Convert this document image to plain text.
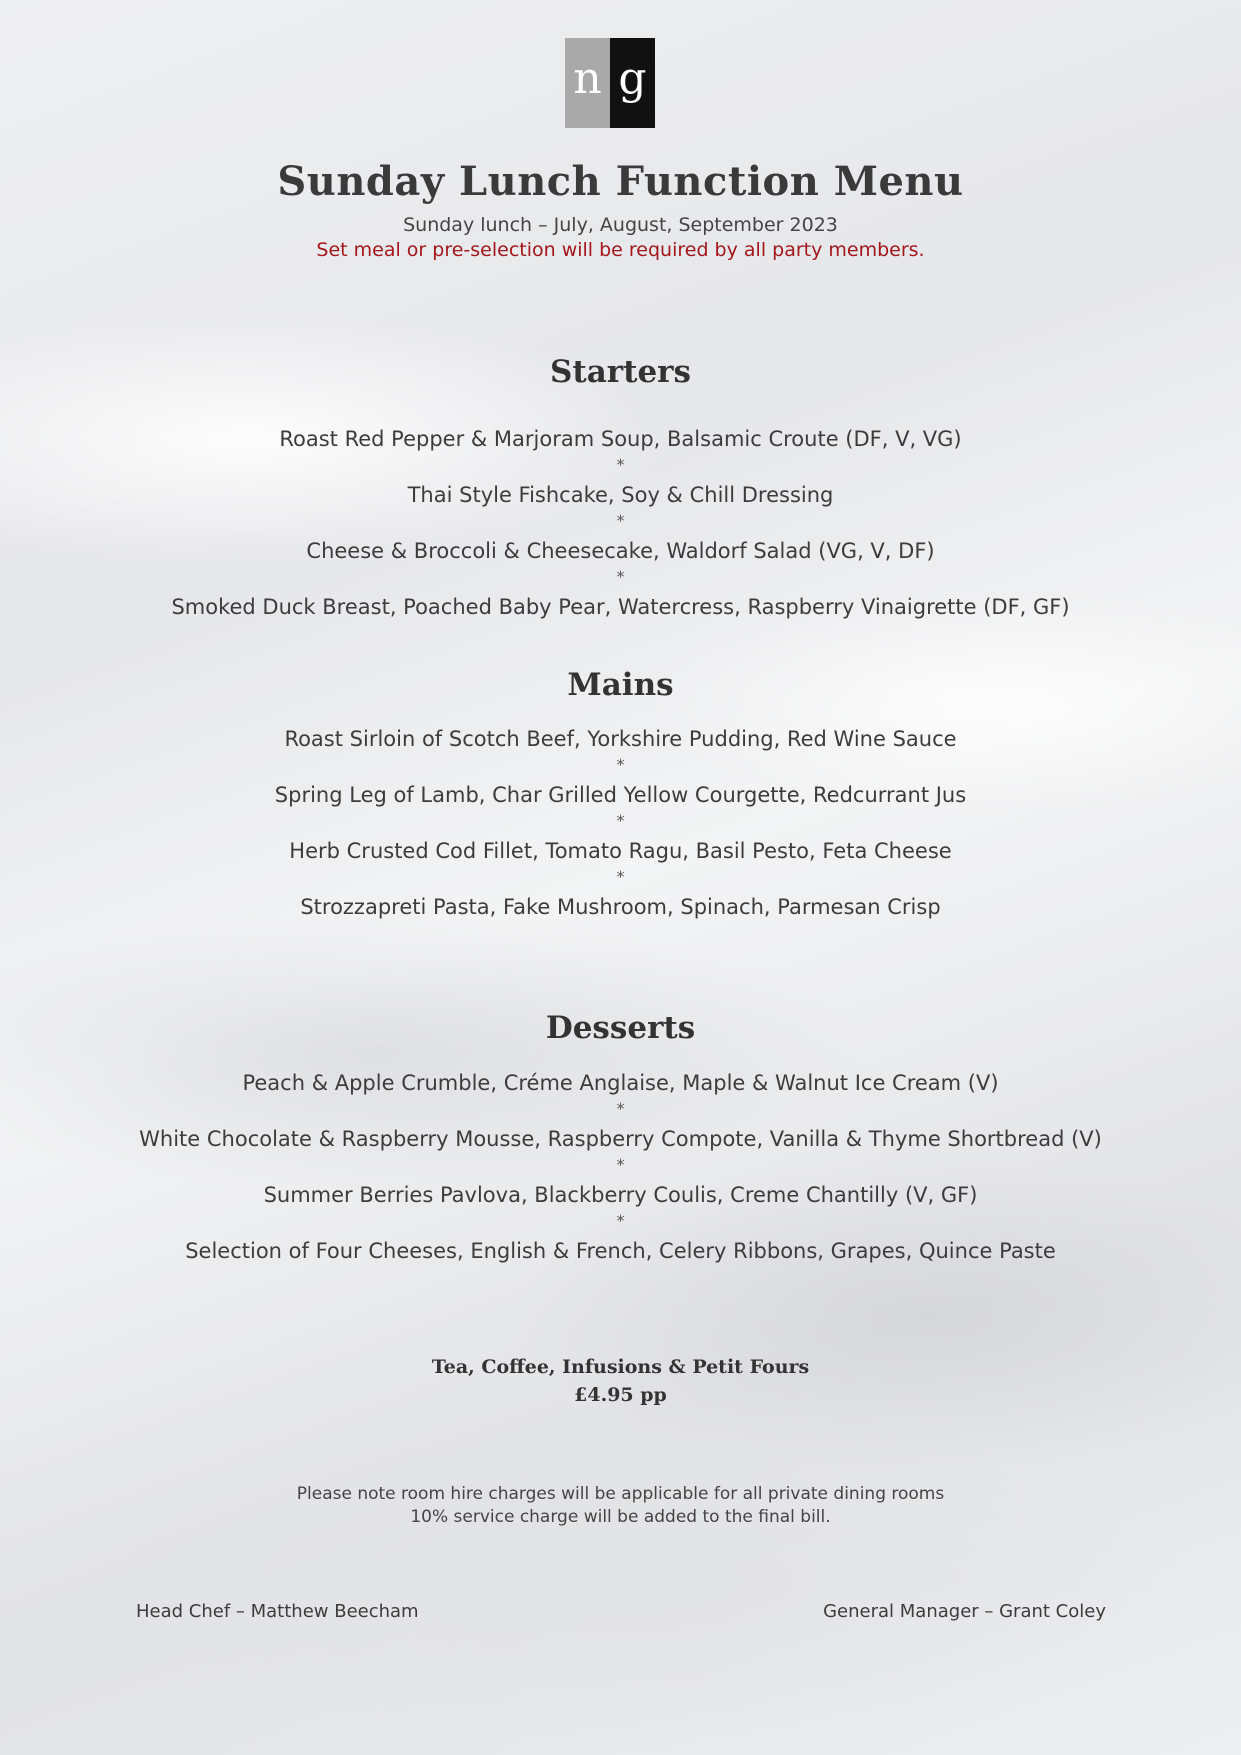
n g
Sunday Lunch Function Menu
Sunday lunch – July, August, September 2023
Set meal or pre-selection will be required by all party members.
Starters
Roast Red Pepper & Marjoram Soup, Balsamic Croute (DF, V, VG)
*
Thai Style Fishcake, Soy & Chill Dressing
*
Cheese & Broccoli & Cheesecake, Waldorf Salad (VG, V, DF)
*
Smoked Duck Breast, Poached Baby Pear, Watercress, Raspberry Vinaigrette (DF, GF)
Mains
Roast Sirloin of Scotch Beef, Yorkshire Pudding, Red Wine Sauce
*
Spring Leg of Lamb, Char Grilled Yellow Courgette, Redcurrant Jus
*
Herb Crusted Cod Fillet, Tomato Ragu, Basil Pesto, Feta Cheese
*
Strozzapreti Pasta, Fake Mushroom, Spinach, Parmesan Crisp
Desserts
Peach & Apple Crumble, Créme Anglaise, Maple & Walnut Ice Cream (V)
*
White Chocolate & Raspberry Mousse, Raspberry Compote, Vanilla & Thyme Shortbread (V)
*
Summer Berries Pavlova, Blackberry Coulis, Creme Chantilly (V, GF)
*
Selection of Four Cheeses, English & French, Celery Ribbons, Grapes, Quince Paste
Tea, Coffee, Infusions & Petit Fours
£4.95 pp
Please note room hire charges will be applicable for all private dining rooms
10% service charge will be added to the final bill.
Head Chef – Matthew Beecham	General Manager – Grant Coley
